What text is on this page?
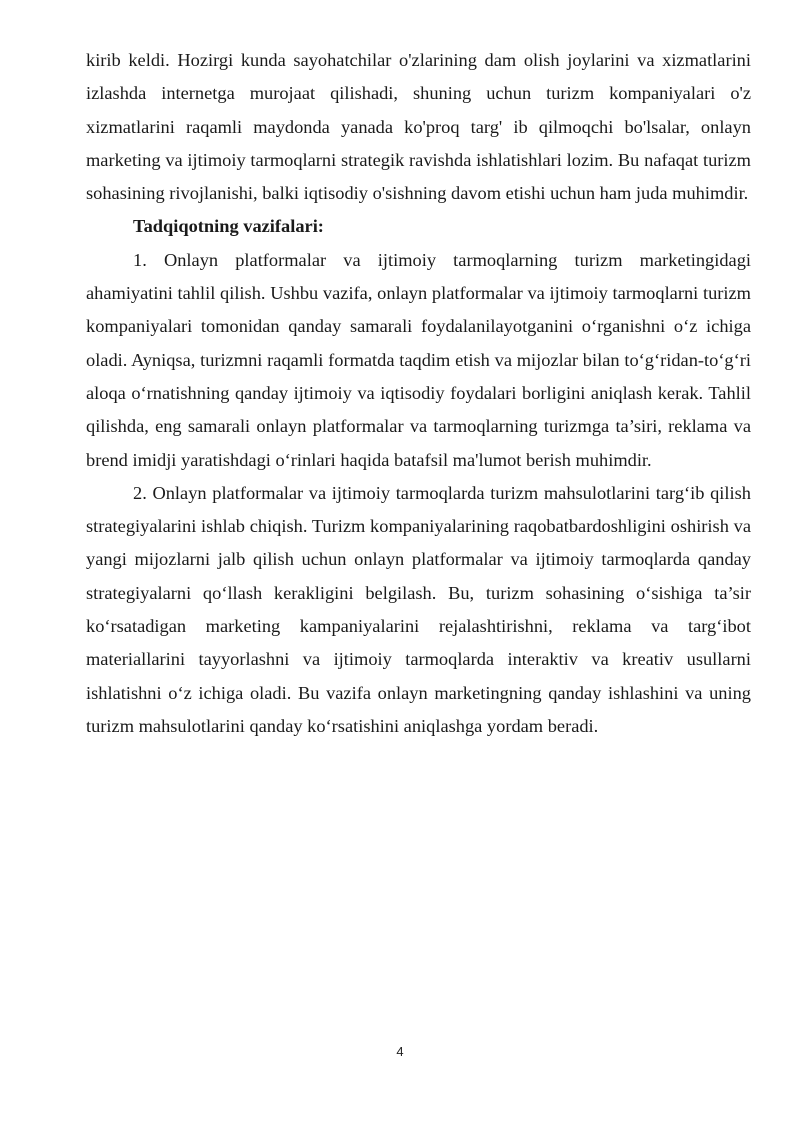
kirib keldi. Hozirgi kunda sayohatchilar o'zlarining dam olish joylarini va xizmatlarini izlashda internetga murojaat qilishadi, shuning uchun turizm kompaniyalari o'z xizmatlarini raqamli maydonda yanada ko'proq targ' ib qilmoqchi bo'lsalar, onlayn marketing va ijtimoiy tarmoqlarni strategik ravishda ishlatishlari lozim. Bu nafaqat turizm sohasining rivojlanishi, balki iqtisodiy o'sishning davom etishi uchun ham juda muhimdir.

Tadqiqotning vazifalari:

1. Onlayn platformalar va ijtimoiy tarmoqlarning turizm marketingidagi ahamiyatini tahlil qilish. Ushbu vazifa, onlayn platformalar va ijtimoiy tarmoqlarni turizm kompaniyalari tomonidan qanday samarali foydalanilayotganini o‘rganishni o‘z ichiga oladi. Ayniqsa, turizmni raqamli formatda taqdim etish va mijozlar bilan to‘g‘ridan-to‘g‘ri aloqa o‘rnatishning qanday ijtimoiy va iqtisodiy foydalari borligini aniqlash kerak. Tahlil qilishda, eng samarali onlayn platformalar va tarmoqlarning turizmga ta’siri, reklama va brend imidji yaratishdagi o‘rinlari haqida batafsil ma'lumot berish muhimdir.

2. Onlayn platformalar va ijtimoiy tarmoqlarda turizm mahsulotlarini targ‘ib qilish strategiyalarini ishlab chiqish. Turizm kompaniyalarining raqobatbardoshligini oshirish va yangi mijozlarni jalb qilish uchun onlayn platformalar va ijtimoiy tarmoqlarda qanday strategiyalarni qo‘llash kerakligini belgilash. Bu, turizm sohasining o‘sishiga ta’sir ko‘rsatadigan marketing kampaniyalarini rejalashtirishni, reklama va targ‘ibot materiallarini tayyorlashni va ijtimoiy tarmoqlarda interaktiv va kreativ usullarni ishlatishni o‘z ichiga oladi. Bu vazifa onlayn marketingning qanday ishlashini va uning turizm mahsulotlarini qanday ko‘rsatishini aniqlashga yordam beradi.

4
